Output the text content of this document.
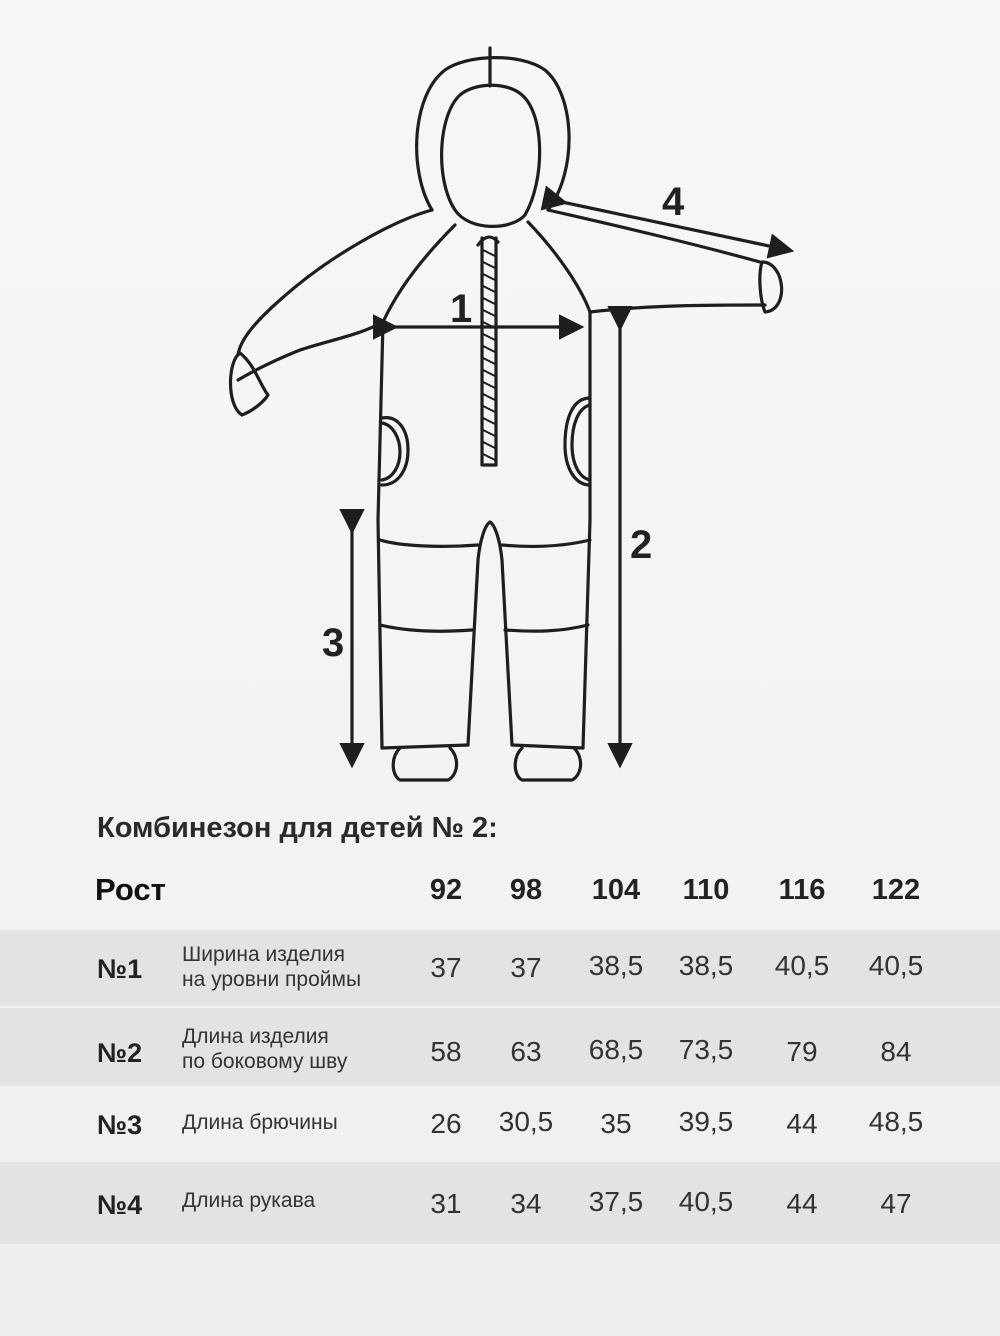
1
2
3
4
Комбинезон для детей № 2:
Рост	92	98	104	110	116	122
№1 Ширина изделия
на уровни проймы	37	37	38,5	38,5	40,5	40,5
№2
Длина изделия
по боковому шву	58	63	68,5	73,5	79	84
№3 Длина брючины	26	30,5	35	39,5	44	48,5
№4 Длина рукава	31	34	37,5	40,5	44	47
